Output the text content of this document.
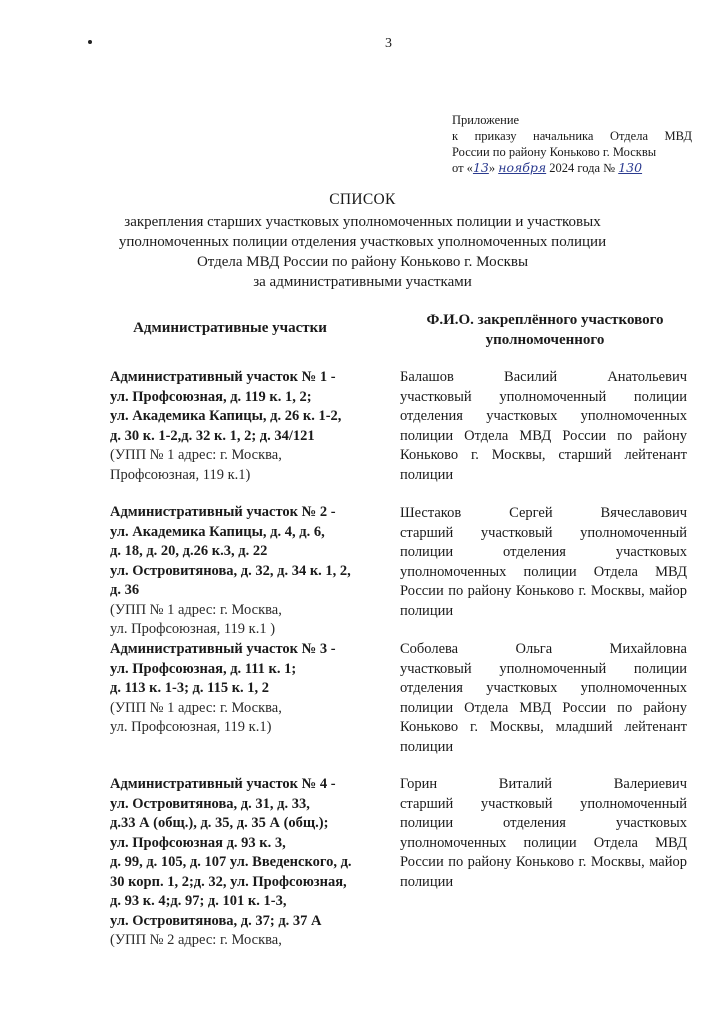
3
Приложение
к приказу начальника Отдела МВД
России по району Коньково г. Москвы
от «13» ноября 2024 года № 130
СПИСОК
закрепления старших участковых уполномоченных полиции и участковых
уполномоченных полиции отделения участковых уполномоченных полиции
Отдела МВД России по району Коньково г. Москвы
за административными участками
Административные участки	Ф.И.О. закреплённого участкового уполномоченного
Административный участок № 1 -
ул. Профсоюзная, д. 119 к. 1, 2;
ул. Академика Капицы, д. 26 к. 1-2,
д. 30 к. 1-2,д. 32 к. 1, 2; д. 34/121
(УПП № 1 адрес: г. Москва,
Профсоюзная, 119 к.1)
Административный участок № 2 -
ул. Академика Капицы, д. 4, д. 6,
д. 18, д. 20, д.26 к.3, д. 22
ул. Островитянова, д. 32, д. 34 к. 1, 2,
д. 36
(УПП № 1 адрес: г. Москва,
ул. Профсоюзная, 119 к.1 )
Административный участок № 3 -
ул. Профсоюзная, д. 111 к. 1;
д. 113 к. 1-3; д. 115 к. 1, 2
(УПП № 1 адрес: г. Москва,
ул. Профсоюзная, 119 к.1)
Административный участок № 4 -
ул. Островитянова, д. 31, д. 33,
д.33 А (общ.), д. 35, д. 35 А (общ.);
ул. Профсоюзная д. 93 к. 3,
д. 99, д. 105, д. 107 ул. Введенского, д.
30 корп. 1, 2;д. 32, ул. Профсоюзная,
д. 93 к. 4;д. 97; д. 101 к. 1-3,
ул. Островитянова, д. 37; д. 37 А
(УПП № 2 адрес: г. Москва,
Балашов Василий Анатольевич
участковый уполномоченный полиции отделения участковых уполномоченных полиции Отдела МВД России по району Коньково г. Москвы, старший лейтенант полиции
Шестаков Сергей Вячеславович
старший участковый уполномоченный полиции отделения участковых уполномоченных полиции Отдела МВД России по району Коньково г. Москвы, майор полиции
Соболева Ольга Михайловна
участковый уполномоченный полиции отделения участковых уполномоченных полиции Отдела МВД России по району Коньково г. Москвы, младший лейтенант полиции
Горин Виталий Валериевич
старший участковый уполномоченный полиции отделения участковых уполномоченных полиции Отдела МВД России по району Коньково г. Москвы, майор полиции
